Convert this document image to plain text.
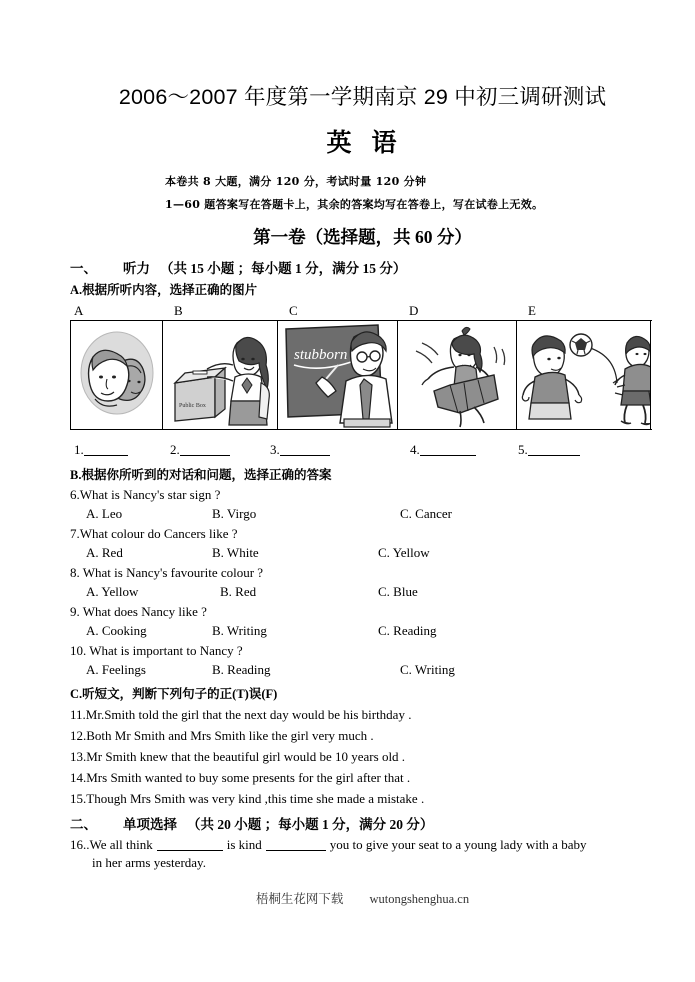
2006～2007 年度第一学期南京 29 中初三调研测试
英 语
本卷共 8 大题，满分 120 分，考试时量 120 分钟
1—60 题答案写在答题卡上，其余的答案均写在答卷上，写在试卷上无效。
第一卷（选择题，共 60 分）
一、 听力 （共 15 小题 ；每小题 1 分，满分 15 分）
A.根据所听内容，选择正确的图片
A	B	C	D	E
Public Box
stubborn
1.	2.	3.	4.	5.
B.根据你所听到的对话和问题，选择正确的答案
6.What is Nancy's star sign ?
A. Leo	B. Virgo	C. Cancer
7.What colour do Cancers like ?
A. Red	B. White	C. Yellow
8. What is Nancy's favourite colour ?
A. Yellow	B. Red	C. Blue
9. What does Nancy like ?
A. Cooking	B. Writing	C. Reading
10. What is important to Nancy ?
A. Feelings	B. Reading	C. Writing
C.听短文，判断下列句子的正(T)误(F)
11.Mr.Smith told the girl that the next day would be his birthday .
12.Both Mr Smith and Mrs Smith like the girl very much .
13.Mr Smith knew that the beautiful girl would be 10 years old .
14.Mrs Smith wanted to buy some presents for the girl after that .
15.Though Mrs Smith was very kind ,this time she made a mistake .
二、 单项选择 （共 20 小题 ；每小题 1 分，满分 20 分）
16..We all think	is kind	you to give your seat to a young lady with a baby
in her arms yesterday.
梧桐生花网下载 wutongshenghua.cn
